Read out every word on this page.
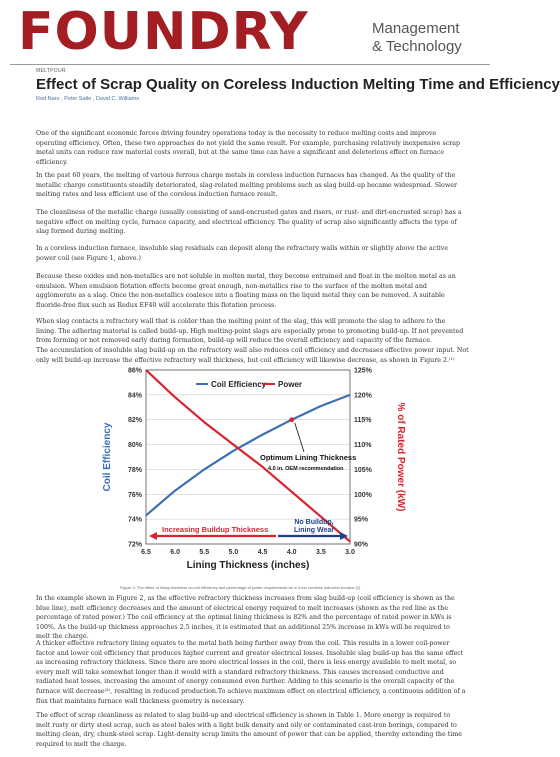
FOUNDRY	Management
& Technology
MELTPOUR
Effect of Scrap Quality on Coreless Induction Melting Time and Efficiency
Rod Naro , Peter Salte , David C. Williams

One of the significant economic forces driving foundry operations today is the necessity to reduce melting costs and improve operating efficiency. Often, these two approaches do not yield the same result. For example, purchasing relatively inexpensive scrap metal units can reduce raw material costs overall, but at the same time can have a significant and deleterious effect on furnace efficiency.

In the past 60 years, the melting of various ferrous charge metals in coreless induction furnaces has changed. As the quality of the metallic charge constituents steadily deteriorated, slag-related melting problems such as slag build-up became widespread. Slower melting rates and less efficient use of the coreless induction furnace result.

The cleanliness of the metallic charge (usually consisting of sand-encrusted gates and risers, or rust- and dirt-encrusted scrap) has a negative effect on melting cycle, furnace capacity, and electrical efficiency. The quality of scrap also significantly affects the type of slag formed during melting.

In a coreless induction furnace, insoluble slag residuals can deposit along the refractory walls within or slightly above the active power coil (see Figure 1, above.)

Because these oxides and non-metallics are not soluble in molten metal, they become entrained and float in the molten metal as an emulsion. When emulsion flotation effects become great enough, non-metallics rise to the surface of the molten metal and agglomerate as a slag. Once the non-metallics coalesce into a floating mass on the liquid metal they can be removed. A suitable fluoride-free flux such as Redux EF40 will accelerate this flotation process.

When slag contacts a refractory wall that is colder than the melting point of the slag, this will promote the slag to adhere to the lining. The adhering material is called build-up. High melting-point slags are especially prone to promoting build-up. If not prevented from forming or not removed early during formation, build-up will reduce the overall efficiency and capacity of the furnace.

The accumulation of insoluble slag build-up on the refractory wall also reduces coil efficiency and decreases effective power input. Not only will build-up increase the effective refractory wall thickness, but coil efficiency will likewise decrease, as shown in Figure 2.⁽¹⁾

72%
74%
76%
78%
80%
82%
84%
86%
90%
95%
100%
105%
110%
115%
120%
125%
6.5	6.0	5.5	5.0	4.5	4.0	3.5	3.0
Lining Thickness (inches)
Coil Efficiency	% of Rated Power (kW)
Coil Efficiency Power
Optimum Lining Thickness
4.0 in. OEM recommendation
Increasing Buildup Thickness
No Buildup,
Lining Wear
Figure 2: The effect of lining thickness on coil efficiency and percentage of power requirements for a 3-ton coreless induction furnace.(1)

In the example shown in Figure 2, as the effective refractory thickness increases from slag build-up (coil efficiency is shown as the blue line), melt efficiency decreases and the amount of electrical energy required to melt increases (shown as the red line as the percentage of rated power.) The coil efficiency at the optimal lining thickness is 82% and the percentage of rated power in kWs is 100%. As the build-up thickness approaches 2.5 inches, it is estimated that an additional 25% increase in kWs will be required to melt the charge.

A thicker effective refractory lining equates to the metal bath being further away from the coil. This results in a lower coil-power factor and lower coil efficiency that produces higher current and greater electrical losses. Insoluble slag build-up has the same effect as increasing refractory thickness. Since there are more electrical losses in the coil, there is less energy available to melt metal, so every melt will take somewhat longer than it would with a standard refractory thickness. This causes increased conductive and radiated heat losses, increasing the amount of energy consumed even further. Adding to this scenario is the overall capacity of the furnace will decrease⁽²⁾, resulting in reduced production.To achieve maximum effect on electrical efficiency, a continuous addition of a flux that maintains furnace wall thickness geometry is necessary.

The effect of scrap cleanliness as related to slag build-up and electrical efficiency is shown in Table 1. More energy is required to melt rusty or dirty steel scrap, such as steel bales with a light bulk density and oily or contaminated cast-iron borings, compared to melting clean, dry, chunk-steel scrap. Light-density scrap limits the amount of power that can be applied, thereby extending the time required to melt the charge.
